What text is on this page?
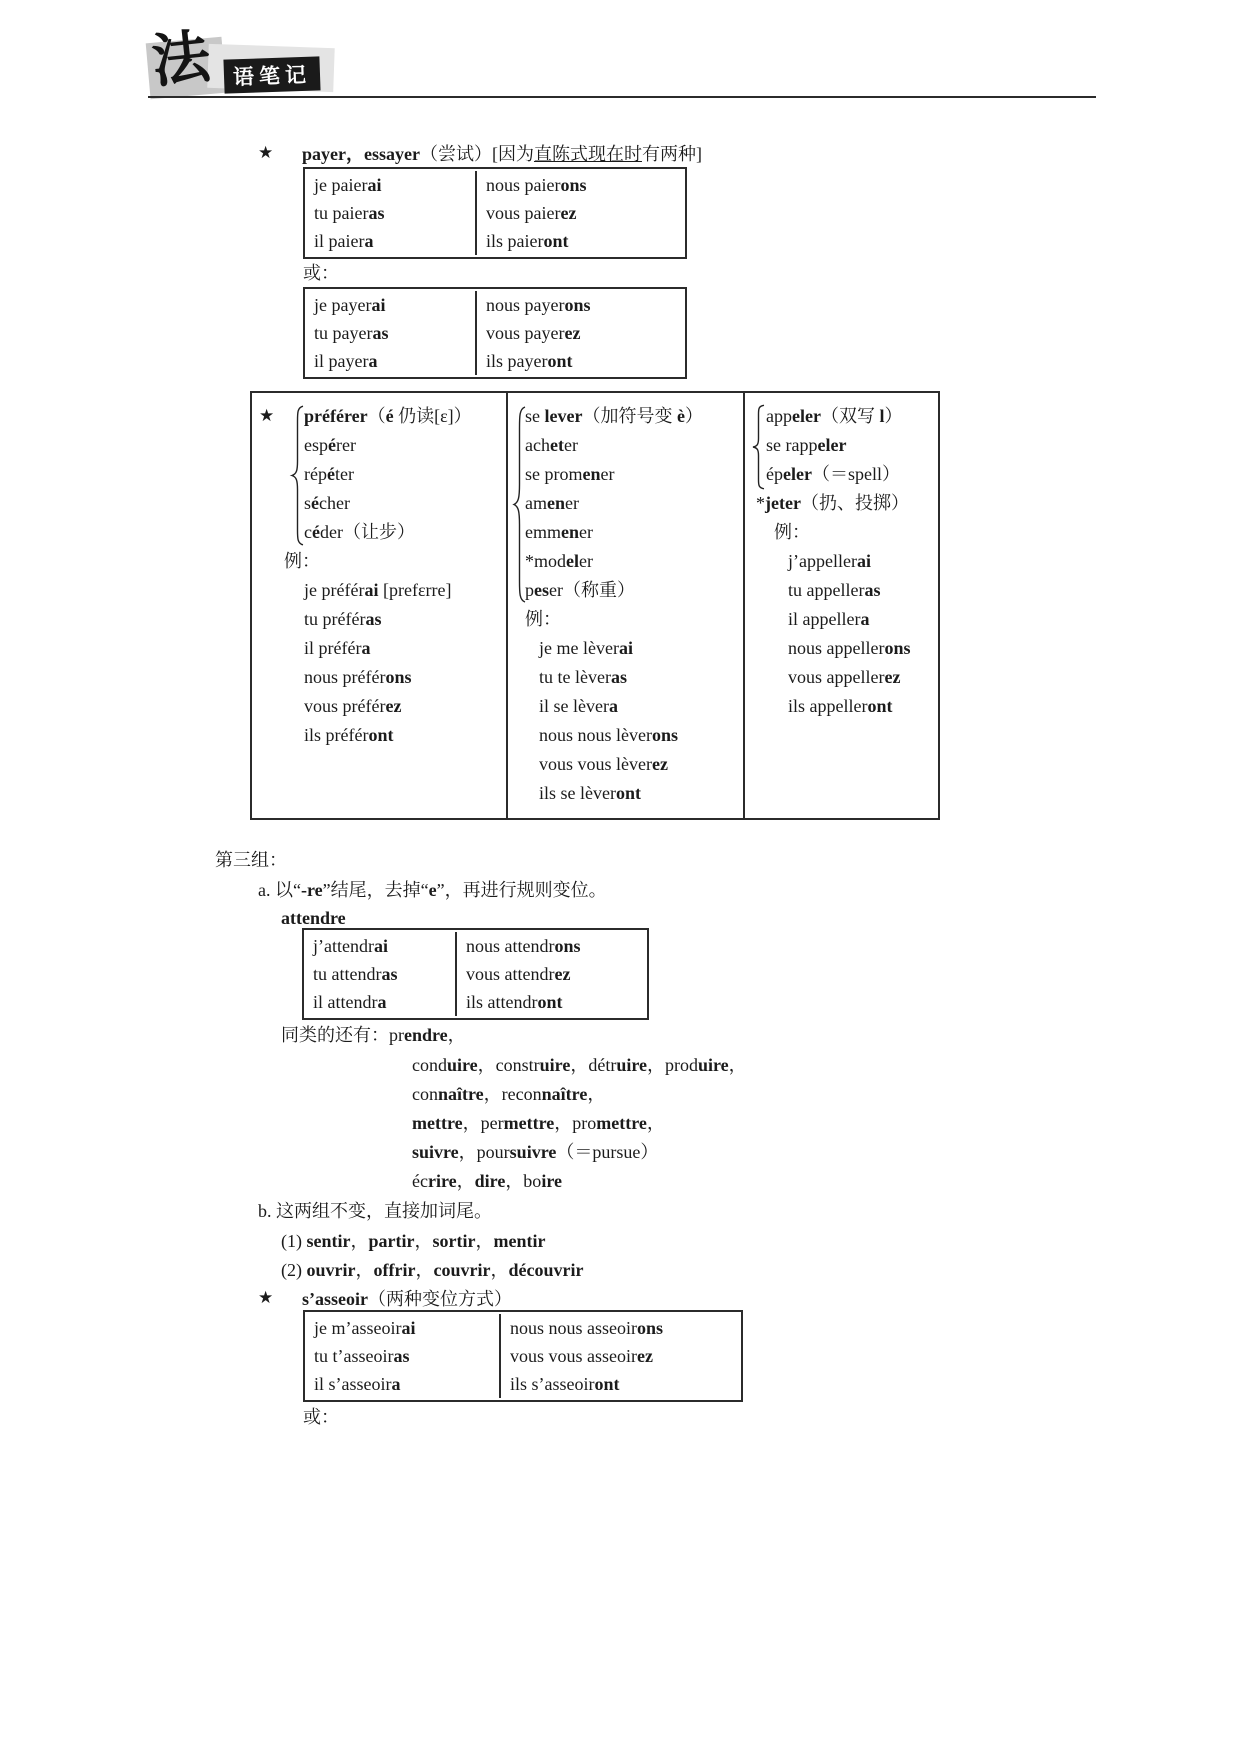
法 语笔记
★ payer，essayer（尝试）[因为直陈式现在时有两种]
je paierai	nous paierons
tu paieras	vous paierez
il paiera	ils paieront
或：
je payerai	nous payerons
tu payeras	vous payerez
il payera	ils payeront
★ préférer（é 仍读[ɛ]）
espérer
répéter
sécher
céder（让步）
例：
je préférai [prefɛrre]
tu préféras
il préféra
nous préférons
vous préférez
ils préféront
se lever（加符号变 è）
acheter
se promener
amener
emmener
*modeler
peser（称重）
例：
je me lèverai
tu te lèveras
il se lèvera
nous nous lèverons
vous vous lèverez
ils se lèveront
appeler（双写 l）
se rappeler
épeler（＝spell）
*jeter（扔、投掷）
例：
j’appellerai
tu appelleras
il appellera
nous appellerons
vous appellerez
ils appelleront
第三组：
a. 以“-re”结尾，去掉“e”，再进行规则变位。
attendre
j’attendrai	nous attendrons
tu attendras	vous attendrez
il attendra	ils attendront
同类的还有：prendre，
conduire，construire，détruire，produire，
connaître，reconnaître，
mettre，permettre，promettre，
suivre，poursuivre（＝pursue）
écrire，dire，boire
b. 这两组不变，直接加词尾。
(1) sentir，partir，sortir，mentir
(2) ouvrir，offrir，couvrir，découvrir
★ s’asseoir（两种变位方式）
je m’asseoirai	nous nous asseoirons
tu t’asseoiras	vous vous asseoirez
il s’asseoira	ils s’asseoiront
或：
